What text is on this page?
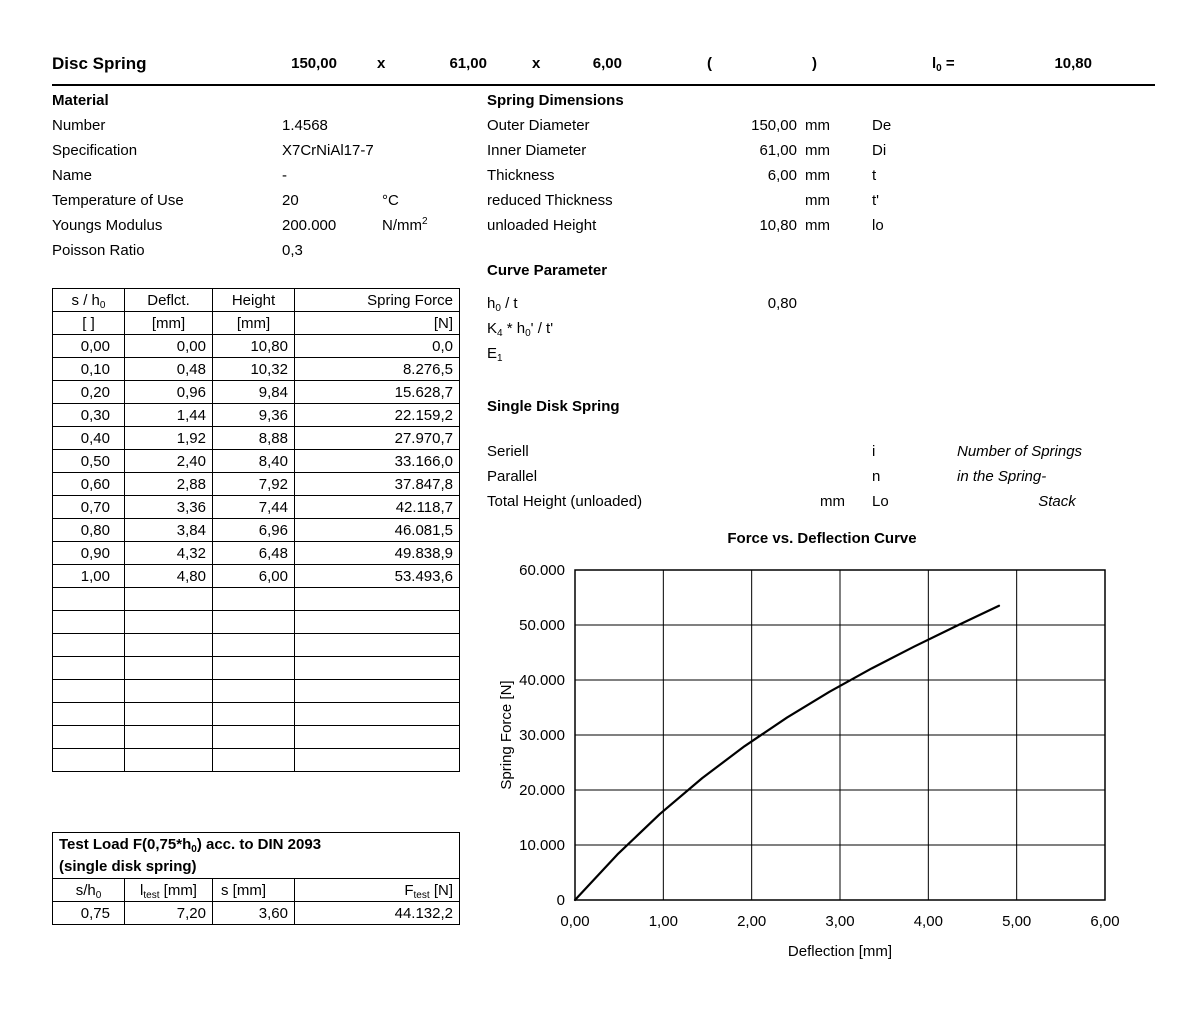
Disc Spring	150,00	x	61,00	x	6,00	(	)	$l_0$ =	10,80
Material
Number	1.4568
Specification	X7CrNiAl17-7
Name	-
Temperature of Use	20	°C
Youngs Modulus	200.000	$N/mm^2$
Poisson Ratio	0,3
Spring Dimensions
Outer Diameter	150,00 mm	De
Inner Diameter	61,00 mm	Di
Thickness	6,00 mm	t
reduced Thickness	mm	t'
unloaded Height	10,80 mm	lo
Curve Parameter
$h_0$ / t	0,80
$K_4 * h_0'$ / t'
$E_1$
Single Disk Spring
Seriell	i	Number of Springs
Parallel	n	in the Spring-
Total Height (unloaded)	mm Lo	Stack
s / $h_0$	Deflct.	Height	Spring Force
[ ]	[mm]	[mm]	[N]
0,00	0,00	10,80	0,0
0,10	0,48	10,32	8.276,5
0,20	0,96	9,84	15.628,7
0,30	1,44	9,36	22.159,2
0,40	1,92	8,88	27.970,7
0,50	2,40	8,40	33.166,0
0,60	2,88	7,92	37.847,8
0,70	3,36	7,44	42.118,7
0,80	3,84	6,96	46.081,5
0,90	4,32	6,48	49.838,9
1,00	4,80	6,00	53.493,6

Test Load $F(0,75*h_0)$ acc. to DIN 2093			
(single disk spring)			
$s/h_0$	$l_{test}$ [mm]	s [mm]	$F_{test}$ [N]
0,75	7,20	3,60	44.132,2
Force vs. Deflection Curve
0,00	1,00	2,00	3,00	4,00	5,00	6,00
0
10.000
20.000
30.000
40.000
50.000
60.000
Deflection [mm]
Spring Force [N]
